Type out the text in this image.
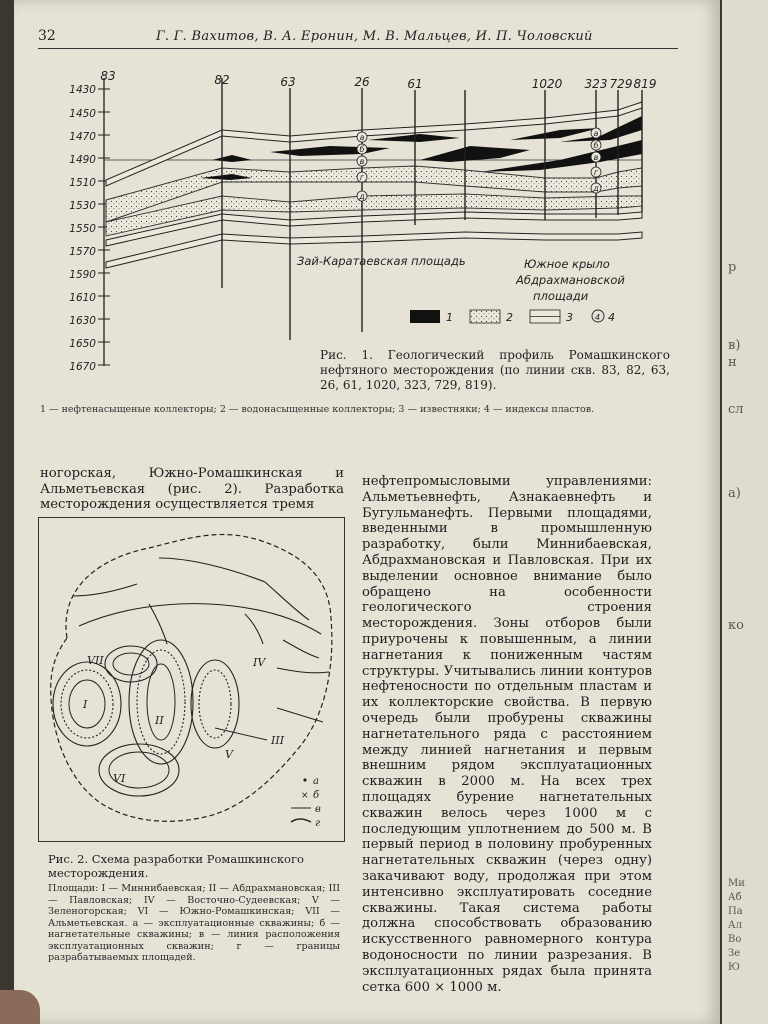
р
в)
н
сл
а)
ко
Ми
Аб
Па
Ал
Во
Зе
Ю
32	Г. Г. Вахитов, В. А. Еронин, М. В. Мальцев, И. П. Чоловский
1430
1450
1470
1490
1510
1530
1550
1570
1590
1610
1630
1650
1670
83	82	63	26	61	1020 323 729 819
а
б
в
г
д
а
б
в
г
д
Зай-Каратаевская площадь	Южное крыло
Абдрахмановской
площади
1	2	3	4 4
Рис. 1. Геологический профиль Ромашкинского нефтяного месторождения (по линии скв. 83, 82, 63, 26, 61, 1020, 323, 729, 819).
1 — нефтенасыщеные коллекторы; 2 — водонасыщенные коллекторы; 3 — известняки; 4 — индексы пластов.
ногорская, Южно-Ромашкинская и Альметьевская (рис. 2). Разработка месторождения осуществляется тремя
нефтепромысловыми управлениями: Альметьевнефть, Азнакаевнефть и Бугульманефть. Первыми площадями, введенными в промышленную разработку, были Миннибаевская, Абдрахмановская и Павловская. При их выделении основное внимание было обращено на особенности геологического строения месторождения. Зоны отборов были приурочены к повышенным, а линии нагнетания к пониженным частям структуры. Учитывались линии контуров нефтеносности по отдельным пластам и их коллекторские свойства. В первую очередь были пробурены скважины нагнетательного ряда с расстоянием между линией нагнетания и первым внешним рядом эксплуатационных скважин в 2000 м. На всех трех площадях бурение нагнетательных скважин велось через 1000 м с последующим уплотнением до 500 м. В первый период в половину пробуренных нагнетательных скважин (через одну) закачивают воду, продолжая при этом интенсивно эксплуатировать соседние скважины. Такая система работы должна способствовать образованию искусственного равномерного контура водоносности по линии разрезания. В эксплуатационных рядах была принята сетка 600 × 1000 м.
I
II
III
IV
V
VI
VII
а
× б
в
г
Рис. 2. Схема разработки Ромашкинского месторождения.
Площади: I — Миннибаевская; II — Абдрахмановская; III — Павловская; IV — Восточно-Судеевская; V — Зеленогорская; VI — Южно-Ромашкинская; VII — Альметьевская. а — эксплуатационные скважины; б — нагнетательные скважины; в — линия расположения эксплуатационных скважин; г — границы разрабатываемых площадей.
